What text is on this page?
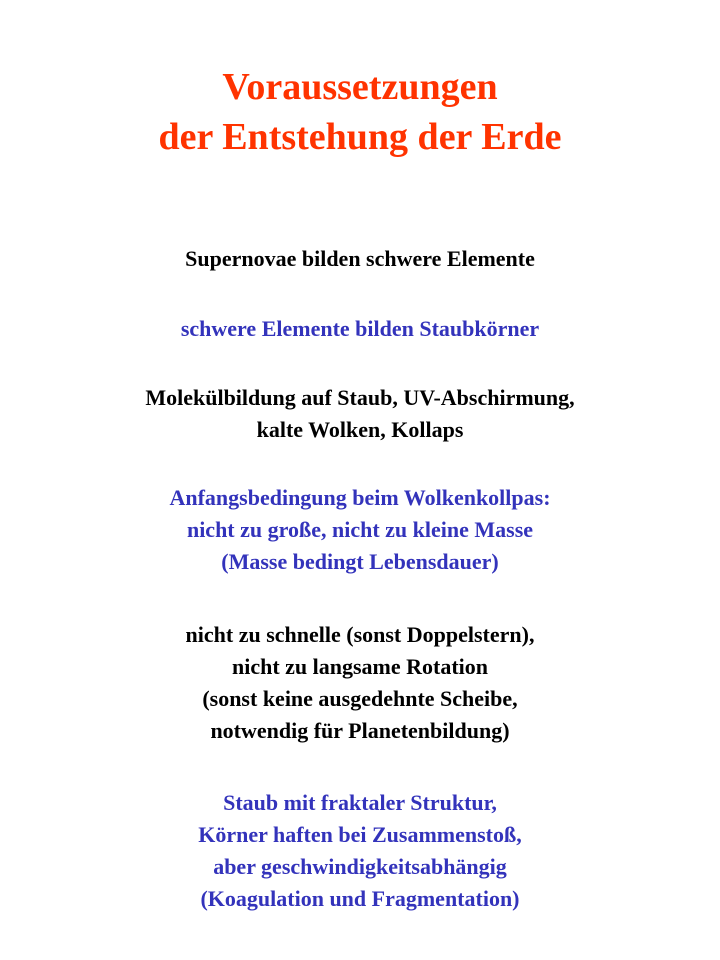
Voraussetzungen
der Entstehung der Erde
Supernovae bilden schwere Elemente
schwere Elemente bilden Staubkörner
Molekülbildung auf Staub, UV-Abschirmung,
kalte Wolken, Kollaps
Anfangsbedingung beim Wolkenkollpas:
nicht zu große, nicht zu kleine Masse
(Masse bedingt Lebensdauer)
nicht zu schnelle (sonst Doppelstern),
nicht zu langsame Rotation
(sonst keine ausgedehnte Scheibe,
notwendig für Planetenbildung)
Staub mit fraktaler Struktur,
Körner haften bei Zusammenstoß,
aber geschwindigkeitsabhängig
(Koagulation und Fragmentation)
